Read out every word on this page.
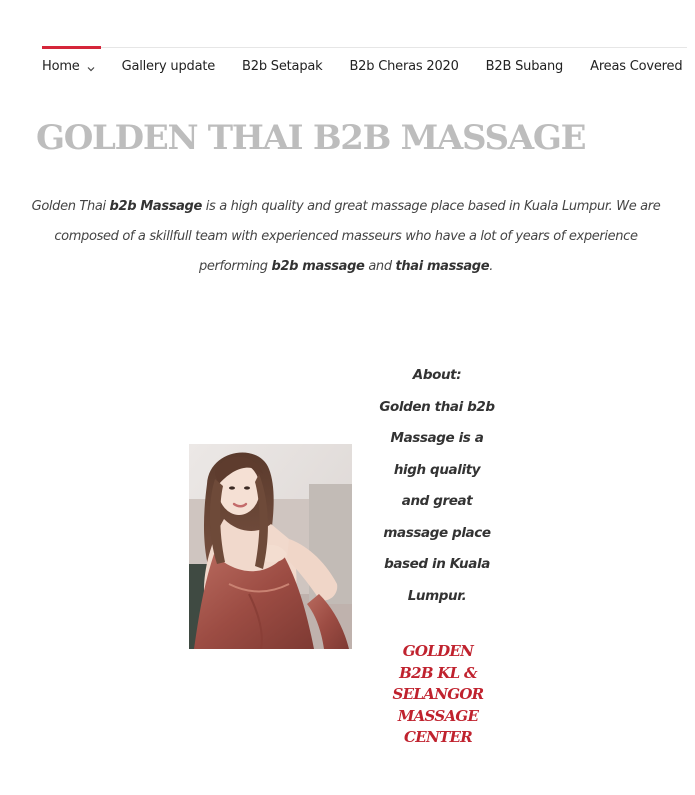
Home	Gallery update B2b Setapak B2b Cheras 2020 B2B Subang Areas Covered
GOLDEN THAI B2B MASSAGE

Golden Thai b2b Massage is a high quality and great massage place based in Kuala Lumpur. We are composed of a skillfull team with experienced masseurs who have a lot of years of experience performing b2b massage and thai massage.

About:

Golden thai b2b

Massage is a

high quality

and great

massage place

based in Kuala

Lumpur.

GOLDEN B2B KL & SELANGOR MASSAGE CENTER
